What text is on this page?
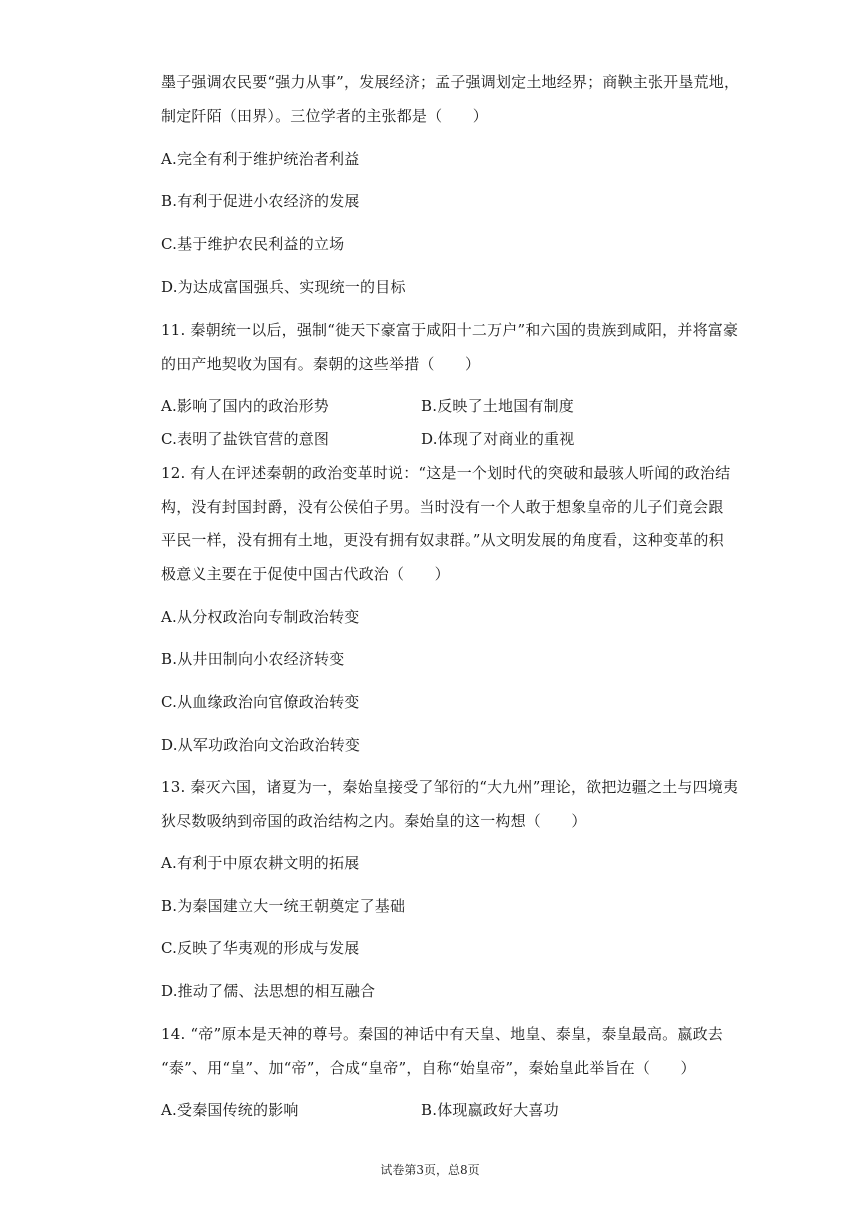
墨子强调农民要“强力从事”，发展经济；孟子强调划定土地经界；商鞅主张开垦荒地，
制定阡陌（田界）。三位学者的主张都是（　　）
A.完全有利于维护统治者利益
B.有利于促进小农经济的发展
C.基于维护农民利益的立场
D.为达成富国强兵、实现统一的目标
11. 秦朝统一以后，强制“徙天下豪富于咸阳十二万户”和六国的贵族到咸阳，并将富豪
的田产地契收为国有。秦朝的这些举措（　　）
A.影响了国内的政治形势	B.反映了土地国有制度
C.表明了盐铁官营的意图	D.体现了对商业的重视
12. 有人在评述秦朝的政治变革时说：“这是一个划时代的突破和最骇人听闻的政治结
构，没有封国封爵，没有公侯伯子男。当时没有一个人敢于想象皇帝的儿子们竟会跟
平民一样，没有拥有土地，更没有拥有奴隶群。”从文明发展的角度看，这种变革的积
极意义主要在于促使中国古代政治（　　）
A.从分权政治向专制政治转变
B.从井田制向小农经济转变
C.从血缘政治向官僚政治转变
D.从军功政治向文治政治转变
13. 秦灭六国，诸夏为一，秦始皇接受了邹衍的“大九州”理论，欲把边疆之土与四境夷
狄尽数吸纳到帝国的政治结构之内。秦始皇的这一构想（　　）
A.有利于中原农耕文明的拓展
B.为秦国建立大一统王朝奠定了基础
C.反映了华夷观的形成与发展
D.推动了儒、法思想的相互融合
14. “帝”原本是天神的尊号。秦国的神话中有天皇、地皇、泰皇，泰皇最高。嬴政去
“泰”、用“皇”、加“帝”，合成“皇帝”，自称“始皇帝”，秦始皇此举旨在（　　）
A.受秦国传统的影响	B.体现嬴政好大喜功
试卷第3页，总8页
